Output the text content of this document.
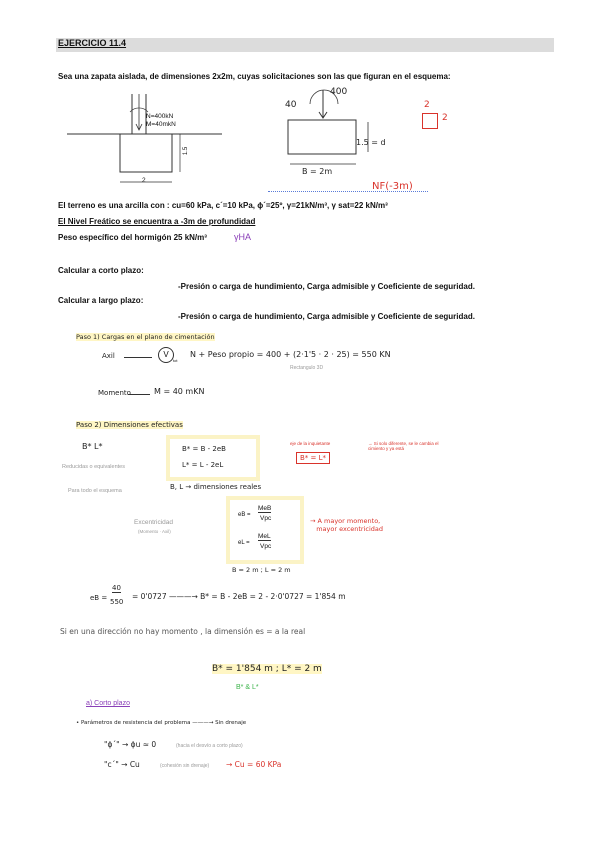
EJERCICIO 11.4
Sea una zapata aislada, de dimensiones 2x2m, cuyas solicitaciones son las que figuran en el esquema:
N=400kN
M=40mkN
1.5
2
40
400
1.5 = d
B = 2m
NF(-3m)
2
2
El terreno es una arcilla con : cu=60 kPa, c´=10 kPa, ϕ´=25º, γ=21kN/m³, γ sat=22 kN/m³
El Nivel Freático se encuentra a -3m de profundidad
Peso específico del hormigón 25 kN/m³	γHA
Calcular a corto plazo:
-Presión o carga de hundimiento, Carga admisible y Coeficiente de seguridad.
Calcular a largo plazo:
-Presión o carga de hundimiento, Carga admisible y Coeficiente de seguridad.
Paso 1) Cargas en el plano de cimentación
Axil	V
tot
N + Peso propio = 400 + (2·1'5 · 2 · 25) = 550 KN
Rectangulo 3D
Momento	M = 40 mKN
Paso 2) Dimensiones efectivas
B* L*	B* = B - 2eB
L* = L - 2eL
B, L → dimensiones reales
eje de la inquietante	→ Si solo diferente, se le cambia el cimiento y ya está
B* = L*
Reducidas o equivalentes
Para todo el esquema
Excentricidad
(Momento · Axil)
eB =
MeB
Vpc
eL =
MeL
Vpc
→ A mayor momento,
mayor excentricidad
B = 2 m ; L = 2 m
eB =
40
550
= 0'0727 ———→ B* = B - 2eB = 2 - 2·0'0727 = 1'854 m
Si en una dirección no hay momento , la dimensión es = a la real
B* = 1'854 m ; L* = 2 m
B* & L*
a) Corto plazo
• Parámetros de resistencia del problema ———→ Sin drenaje
"ϕ´" → ϕu ≈ 0	(hacia el desvío a corto plazo)
"c´" → Cu	(cohesión sin drenaje) → Cu = 60 KPa
